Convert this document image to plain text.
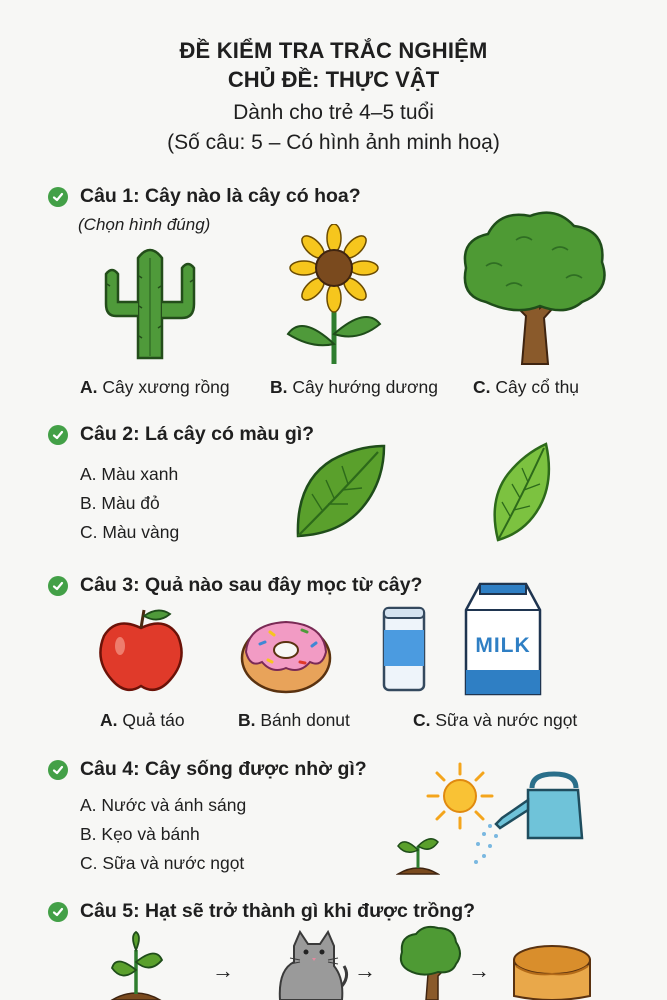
ĐỀ KIỂM TRA TRẮC NGHIỆM
CHỦ ĐỀ: THỰC VẬT
Dành cho trẻ 4–5 tuổi
(Số câu: 5 – Có hình ảnh minh hoạ)
Câu 1: Cây nào là cây có hoa?
(Chọn hình đúng)
A. Cây xương rồng B. Cây hướng dương C. Cây cổ thụ
Câu 2: Lá cây có màu gì?
A. Màu xanh
B. Màu đỏ
C. Màu vàng
Câu 3: Quả nào sau đây mọc từ cây?
MILK
A. Quả táo	B. Bánh donut	C. Sữa và nước ngọt
Câu 4: Cây sống được nhờ gì?
A. Nước và ánh sáng
B. Kẹo và bánh
C. Sữa và nước ngọt
Câu 5: Hạt sẽ trở thành gì khi được trồng?
→	→	→
